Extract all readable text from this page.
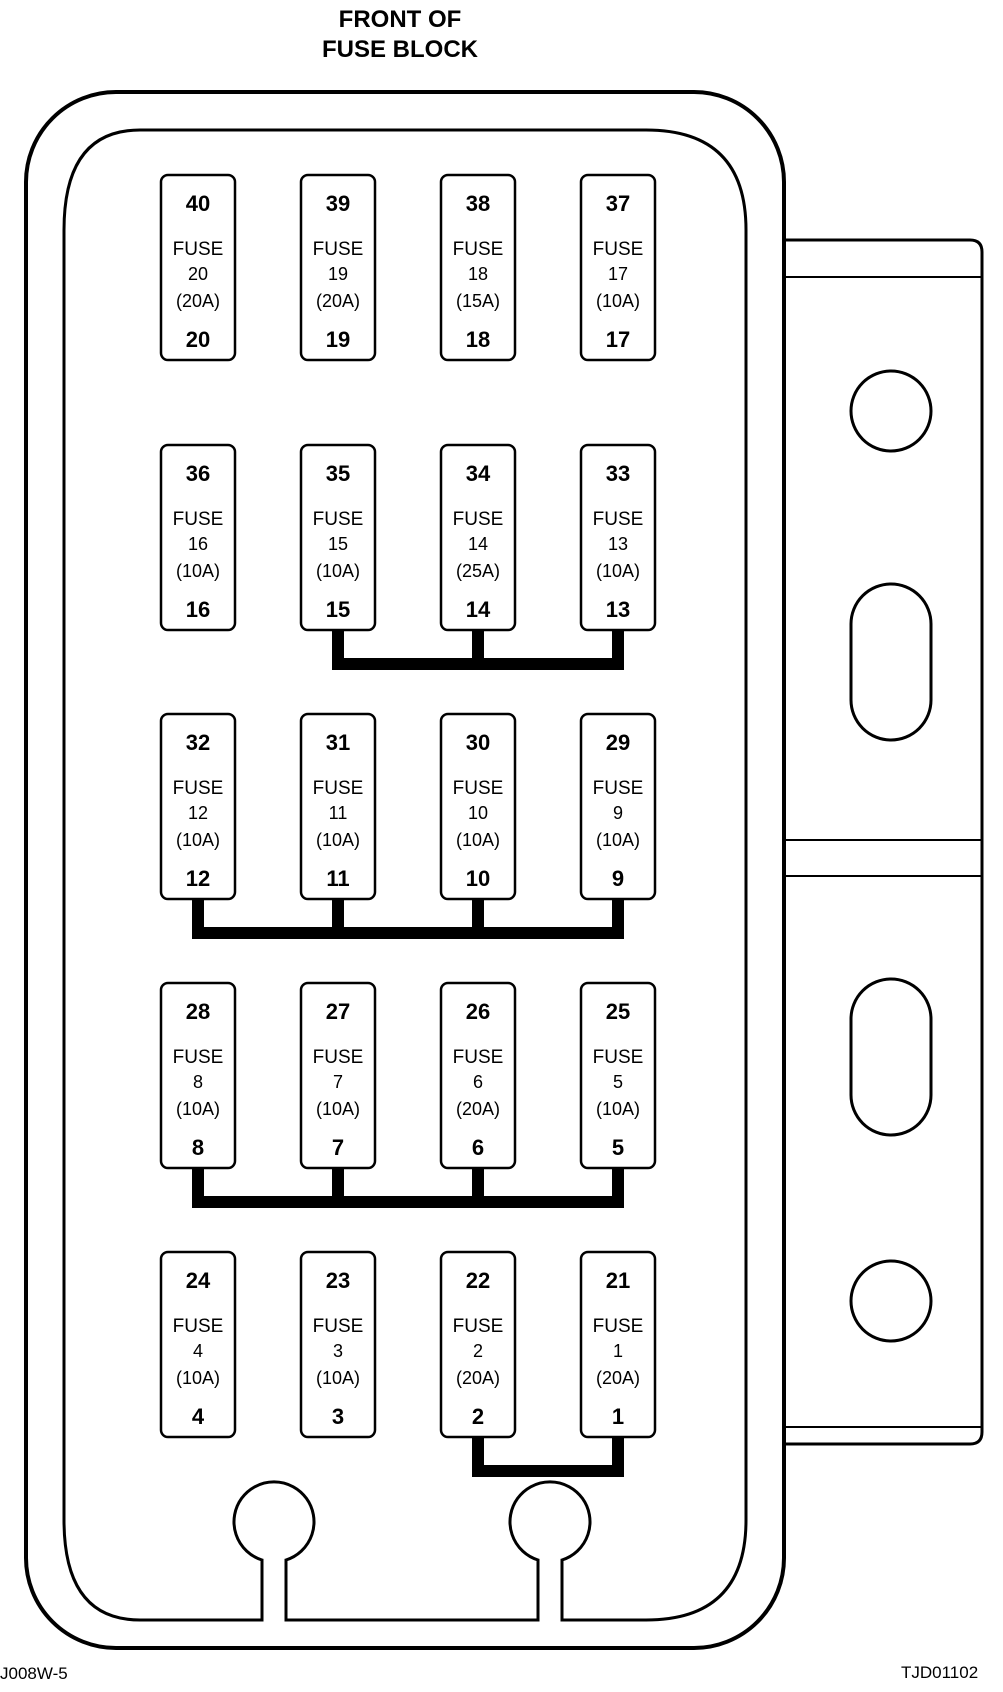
FRONT OF
FUSE BLOCK
40
FUSE
20
(20A)
20
39
FUSE
19
(20A)
19
38
FUSE
18
(15A)
18
37
FUSE
17
(10A)
17
36
FUSE
16
(10A)
16
35
FUSE
15
(10A)
15
34
FUSE
14
(25A)
14
33
FUSE
13
(10A)
13
32
FUSE
12
(10A)
12
31
FUSE
11
(10A)
11
30
FUSE
10
(10A)
10
29
FUSE
9
(10A)
9
28
FUSE
8
(10A)
8
27
FUSE
7
(10A)
7
26
FUSE
6
(20A)
6
25
FUSE
5
(10A)
5
24
FUSE
4
(10A)
4
23
FUSE
3
(10A)
3
22
FUSE
2
(20A)
2
21
FUSE
1
(20A)
1
J008W-5	TJD01102
